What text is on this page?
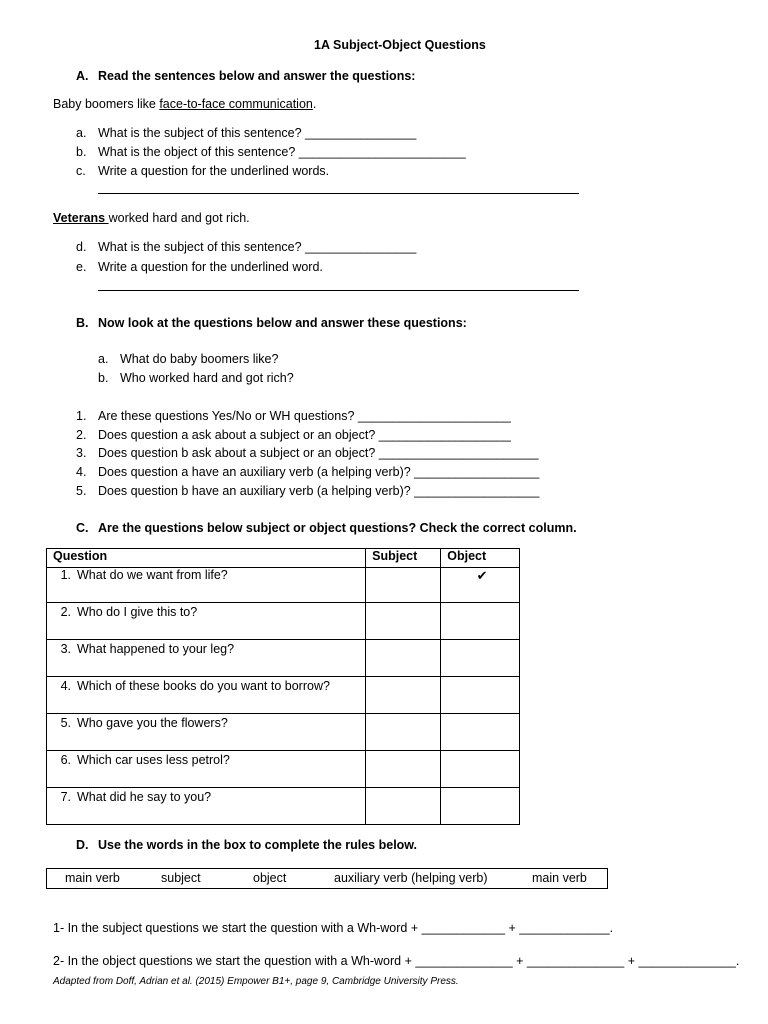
1A Subject-Object Questions
A. Read the sentences below and answer the questions:
Baby boomers like face-to-face communication.
a. What is the subject of this sentence? ________________
b. What is the object of this sentence? ________________________
c. Write a question for the underlined words.
Veterans worked hard and got rich.
d. What is the subject of this sentence? ________________
e. Write a question for the underlined word.
B. Now look at the questions below and answer these questions:
a. What do baby boomers like?
b. Who worked hard and got rich?
1. Are these questions Yes/No or WH questions? ______________________
2. Does question a ask about a subject or an object? ___________________
3. Does question b ask about a subject or an object? _______________________
4. Does question a have an auxiliary verb (a helping verb)? __________________
5. Does question b have an auxiliary verb (a helping verb)? __________________
C. Are the questions below subject or object questions? Check the correct column.
Question	Subject	Object
1. What do we want from life?		✔

2. Who do I give this to?	

3. What happened to your leg?	

4. Which of these books do you want to borrow?	

5. Who gave you the flowers?	

6. Which car uses less petrol?	

7. What did he say to you?	

D. Use the words in the box to complete the rules below.
main verb	subject	object	auxiliary verb (helping verb)	main verb
1- In the subject questions we start the question with a Wh-word + ____________ + _____________.
2- In the object questions we start the question with a Wh-word + ______________ + ______________ + ______________.
Adapted from Doff, Adrian et al. (2015) Empower B1+, page 9, Cambridge University Press.
